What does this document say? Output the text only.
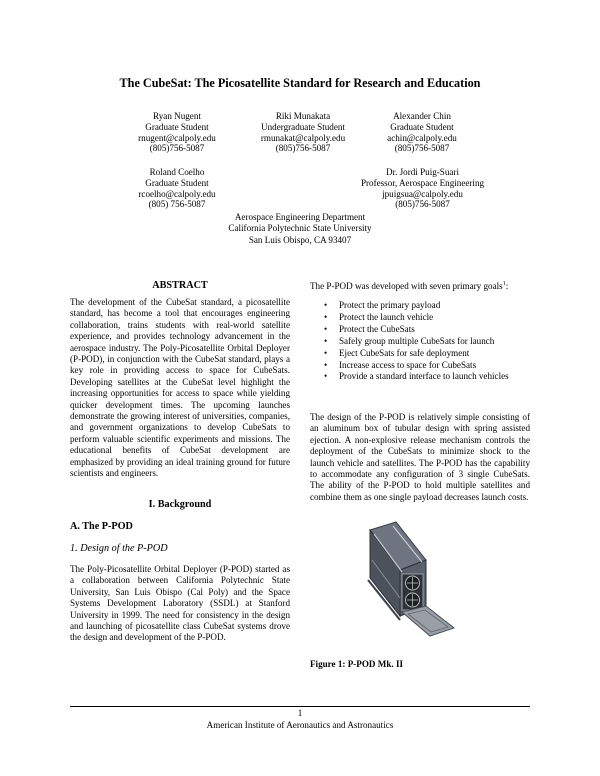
The CubeSat: The Picosatellite Standard for Research and Education
Ryan Nugent
Graduate Student
rnugent@calpoly.edu
(805)756-5087
Riki Munakata
Undergraduate Student
rmunakat@calpoly.edu
(805)756-5087
Alexander Chin
Graduate Student
achin@calpoly.edu
(805)756-5087
Roland Coelho
Graduate Student
rcoelho@calpoly.edu
(805) 756-5087
Dr. Jordi Puig-Suari
Professor, Aerospace Engineering
jpuigsua@calpoly.edu
(805)756-5087
Aerospace Engineering Department
California Polytechnic State University
San Luis Obispo, CA 93407
ABSTRACT
The development of the CubeSat standard, a picosatellite standard, has become a tool that encourages engineering collaboration, trains students with real-world satellite experience, and provides technology advancement in the aerospace industry. The Poly-Picosatellite Orbital Deployer (P-POD), in conjunction with the CubeSat standard, plays a key role in providing access to space for CubeSats. Developing satellites at the CubeSat level highlight the increasing opportunities for access to space while yielding quicker development times. The upcoming launches demonstrate the growing interest of universities, companies, and government organizations to develop CubeSats to perform valuable scientific experiments and missions. The educational benefits of CubeSat development are emphasized by providing an ideal training ground for future scientists and engineers.
I. Background
A. The P-POD
1. Design of the P-POD
The Poly-Picosatellite Orbital Deployer (P-POD) started as a collaboration between California Polytechnic State University, San Luis Obispo (Cal Poly) and the Space Systems Development Laboratory (SSDL) at Stanford University in 1999. The need for consistency in the design and launching of picosatellite class CubeSat systems drove the design and development of the P-POD.
The P-POD was developed with seven primary goals$^1$:
• Protect the primary payload
• Protect the launch vehicle
• Protect the CubeSats
• Safely group multiple CubeSats for launch
• Eject CubeSats for safe deployment
• Increase access to space for CubeSats
• Provide a standard interface to launch vehicles
The design of the P-POD is relatively simple consisting of an aluminum box of tubular design with spring assisted ejection. A non-explosive release mechanism controls the deployment of the CubeSats to minimize shock to the launch vehicle and satellites. The P-POD has the capability to accommodate any configuration of 3 single CubeSats. The ability of the P-POD to hold multiple satellites and combine them as one single payload decreases launch costs.
Figure 1: P-POD Mk. II
1
American Institute of Aeronautics and Astronautics
